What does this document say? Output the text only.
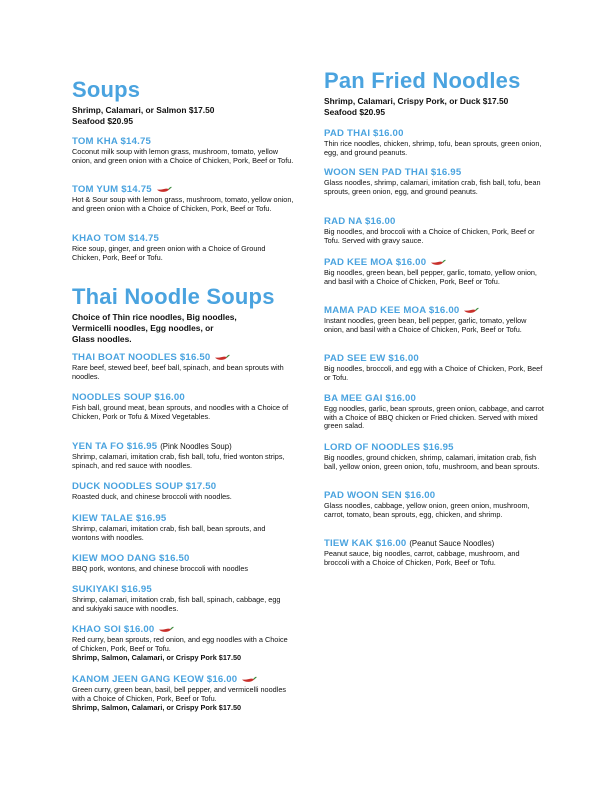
Soups
Shrimp, Calamari, or Salmon $17.50
Seafood $20.95
TOM KHA $14.75
Coconut milk soup with lemon grass, mushroom, tomato, yellow onion, and green onion with a Choice of Chicken, Pork, Beef or Tofu.
TOM YUM $14.75
Hot & Sour soup with lemon grass, mushroom, tomato, yellow onion, and green onion with a Choice of Chicken, Pork, Beef or Tofu.
KHAO TOM $14.75
Rice soup, ginger, and green onion with a Choice of Ground Chicken, Pork, Beef or Tofu.
Thai Noodle Soups
Choice of Thin rice noodles, Big noodles,
Vermicelli noodles, Egg noodles, or
Glass noodles.
THAI BOAT NOODLES $16.50
Rare beef, stewed beef, beef ball, spinach, and bean sprouts with noodles.
NOODLES SOUP $16.00
Fish ball, ground meat, bean sprouts, and noodles with a Choice of Chicken, Pork or Tofu & Mixed Vegetables.
YEN TA FO $16.95 (Pink Noodles Soup)
Shrimp, calamari, imitation crab, fish ball, tofu, fried wonton strips, spinach, and red sauce with noodles.
DUCK NOODLES SOUP $17.50
Roasted duck, and chinese broccoli with noodles.
KIEW TALAE $16.95
Shrimp, calamari, imitation crab, fish ball, bean sprouts, and wontons with noodles.
KIEW MOO DANG $16.50
BBQ pork, wontons, and chinese broccoli with noodles
SUKIYAKI $16.95
Shrimp, calamari, imitation crab, fish ball, spinach, cabbage, egg and sukiyaki sauce with noodles.
KHAO SOI $16.00
Red curry, bean sprouts, red onion, and egg noodles with a Choice of Chicken, Pork, Beef or Tofu.
Shrimp, Salmon, Calamari, or Crispy Pork $17.50
KANOM JEEN GANG KEOW $16.00
Green curry, green bean, basil, bell pepper, and vermicelli noodles with a Choice of Chicken, Pork, Beef or Tofu.
Shrimp, Salmon, Calamari, or Crispy Pork $17.50
Pan Fried Noodles
Shrimp, Calamari, Crispy Pork, or Duck $17.50
Seafood $20.95
PAD THAI $16.00
Thin rice noodles, chicken, shrimp, tofu, bean sprouts, green onion, egg, and ground peanuts.
WOON SEN PAD THAI $16.95
Glass noodles, shrimp, calamari, imitation crab, fish ball, tofu, bean sprouts, green onion, egg, and ground peanuts.
RAD NA $16.00
Big noodles, and broccoli with a Choice of Chicken, Pork, Beef or Tofu. Served with gravy sauce.
PAD KEE MOA $16.00
Big noodles, green bean, bell pepper, garlic, tomato, yellow onion, and basil with a Choice of Chicken, Pork, Beef or Tofu.
MAMA PAD KEE MOA $16.00
Instant noodles, green bean, bell pepper, garlic, tomato, yellow onion, and basil with a Choice of Chicken, Pork, Beef or Tofu.
PAD SEE EW $16.00
Big noodles, broccoli, and egg with a Choice of Chicken, Pork, Beef or Tofu.
BA MEE GAI $16.00
Egg noodles, garlic, bean sprouts, green onion, cabbage, and carrot with a Choice of BBQ chicken or Fried chicken. Served with mixed green salad.
LORD OF NOODLES $16.95
Big noodles, ground chicken, shrimp, calamari, imitation crab, fish ball, yellow onion, green onion, tofu, mushroom, and bean sprouts.
PAD WOON SEN $16.00
Glass noodles, cabbage, yellow onion, green onion, mushroom, carrot, tomato, bean sprouts, egg, chicken, and shrimp.
TIEW KAK $16.00 (Peanut Sauce Noodles)
Peanut sauce, big noodles, carrot, cabbage, mushroom, and broccoli with a Choice of Chicken, Pork, Beef or Tofu.
